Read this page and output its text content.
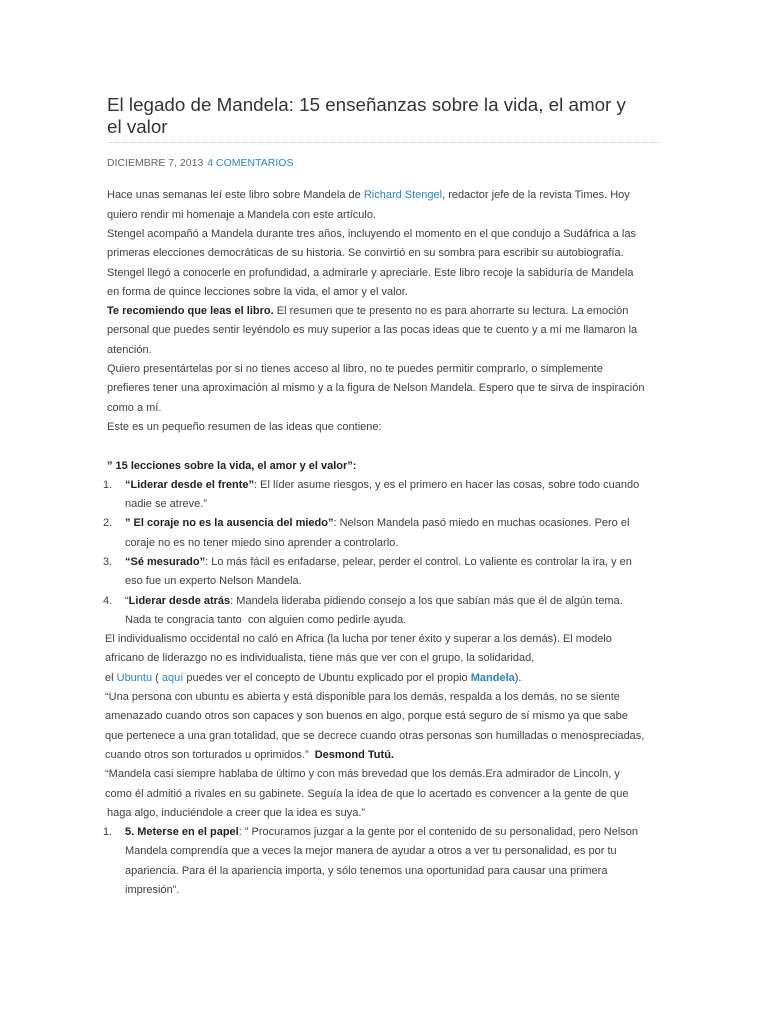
El legado de Mandela: 15 enseñanzas sobre la vida, el amor y el valor
$^{DICIEMBRE 7, 2013}$ $^{4 COMENTARIOS}$
$^{Hace unas semanas leí este libro sobre Mandela de}$ $^{Richard Stengel, redactor jefe de la revista Times. Hoy}$
$^{quiero rendir mi homenaje a Mandela con este artículo.}$
$^{Stengel acompañó a Mandela durante tres años, incluyendo el momento en el que condujo a Sudáfrica a las}$
$^{primeras elecciones democráticas de su historia. Se convirtió en su sombra para escribir su autobiografía.}$
$^{Stengel llegó a conocerle en profundidad, a admirarle y apreciarle. Este libro recoje la sabiduría de Mandela}$
$^{en forma de quince lecciones sobre la vida, el amor y el valor.}$
$^{Te recomiendo que leas el libro.}$ $^{El resumen que te presento no es para ahorrarte su lectura. La emoción}$
$^{personal que puedes sentir leyéndolo es muy superior a las pocas ideas que te cuento y a mí me llamaron la}$
$^{atención.}$
$^{Quiero presentártelas por si no tienes acceso al libro, no te puedes permitir comprarlo, o simplemente}$
$^{prefieres tener una aproximación al mismo y a la figura de Nelson Mandela. Espero que te sirva de inspiración}$
$^{como a mí.}$
$^{Este es un pequeño resumen de las ideas que contiene:}$
$^{” 15 lecciones sobre la vida, el amor y el valor”:}$
1. $^{“Liderar desde el frente”: El líder asume riesgos, y es el primero en hacer las cosas, sobre todo cuando}$
$^{nadie se atreve.”}$
2. $^{” El coraje no es la ausencia del miedo”: Nelson Mandela pasó miedo en muchas ocasiones. Pero el}$
$^{coraje no es no tener miedo sino aprender a controlarlo.}$
3. $^{“Sé mesurado”: Lo más fácil es enfadarse, pelear, perder el control. Lo valiente es controlar la ira, y en}$
$^{eso fue un experto Nelson Mandela.}$
4. $^{“Liderar desde atrás: Mandela lideraba pidiendo consejo a los que sabían más que él de algún tema.}$
$^{Nada te congracia tanto con alguien como pedirle ayuda.}$
$^{El individualismo occidental no caló en Africa (la lucha por tener éxito y superar a los demás). El modelo}$
$^{africano de liderazgo no es individualista, tiene más que ver con el grupo, la solidaridad,}$
$^{el}$ $^{Ubuntu}$ ( $^{aquí}$ $^{puedes ver el concepto de Ubuntu explicado por el propio}$ $^{Mandela).}$
$^{“Una persona con ubuntu es abierta y está disponible para los demás, respalda a los demás, no se siente}$
$^{amenazado cuando otros son capaces y son buenos en algo, porque está seguro de sí mismo ya que sabe}$
$^{que pertenece a una gran totalidad, que se decrece cuando otras personas son humilladas o menospreciadas,}$
$^{cuando otros son torturados u oprimidos.”}$  $^{Desmond Tutú.}$
$^{“Mandela casi siempre hablaba de último y con más brevedad que los demás.Era admirador de Lincoln, y}$
$^{como él admitió a rivales en su gabinete. Seguía la idea de que lo acertado es convencer a la gente de que}$
$^{haga algo, induciéndole a creer que la idea es suya.”}$
1. $^{5. Meterse en el papel: ” Procuramos juzgar a la gente por el contenido de su personalidad, pero Nelson}$
$^{Mandela comprendía que a veces la mejor manera de ayudar a otros a ver tu personalidad, es por tu}$
$^{apariencia. Para él la apariencia importa, y sólo tenemos una oportunidad para causar una primera}$
$^{impresión”.}$
